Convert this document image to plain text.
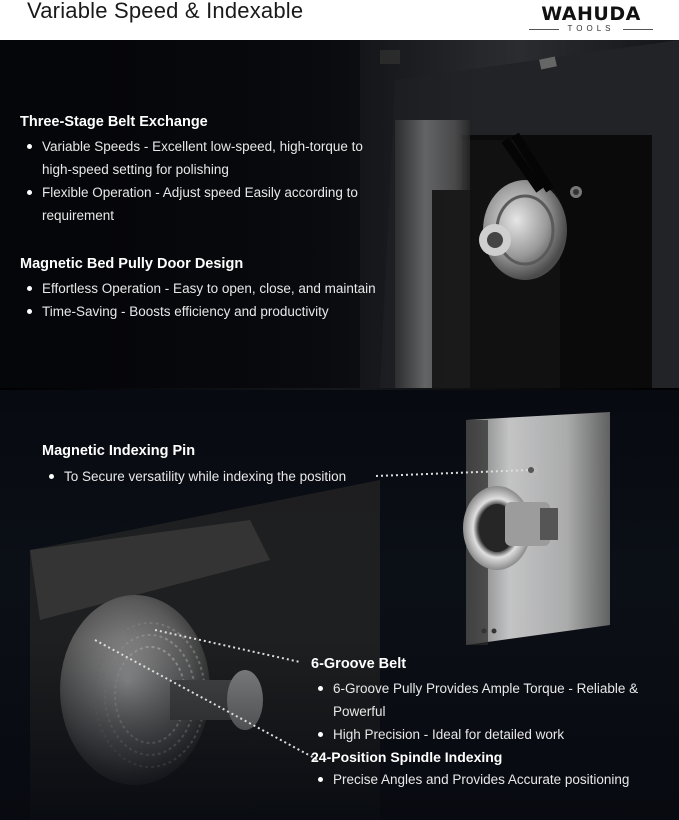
Variable Speed & Indexable	WAHUDA
TOOLS
Three-Stage Belt Exchange
Variable Speeds - Excellent low-speed, high-torque to high-speed setting for polishing
Flexible Operation - Adjust speed Easily according to requirement
Magnetic Bed Pully Door Design
Effortless Operation - Easy to open, close, and maintain
Time-Saving - Boosts efficiency and productivity
Magnetic Indexing Pin
To Secure versatility while indexing the position
6-Groove Belt
6-Groove Pully Provides Ample Torque - Reliable & Powerful
High Precision - Ideal for detailed work
24-Position Spindle Indexing
Precise Angles and Provides Accurate positioning
